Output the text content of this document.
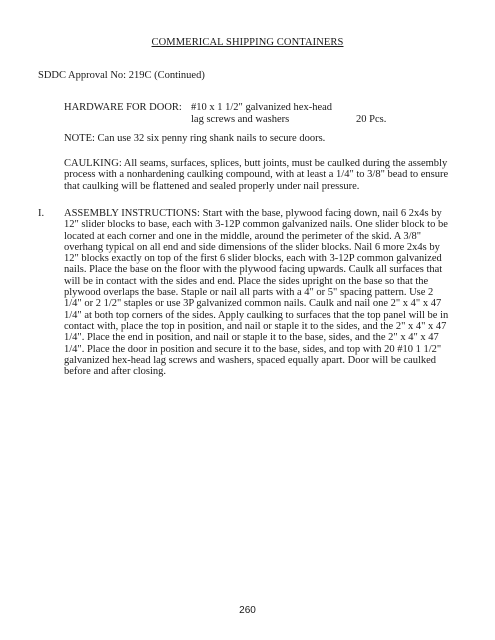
COMMERICAL SHIPPING CONTAINERS
SDDC Approval No: 219C (Continued)
HARDWARE FOR DOOR: #10 x 1 1/2" galvanized hex-head
lag screws and washers	20 Pcs.
NOTE: Can use 32 six penny ring shank nails to secure doors.
CAULKING: All seams, surfaces, splices, butt joints, must be caulked during the assembly
process with a nonhardening caulking compound, with at least a 1/4" to 3/8" bead to ensure
that caulking will be flattened and sealed properly under nail pressure.
I. ASSEMBLY INSTRUCTIONS: Start with the base, plywood facing down, nail 6 2x4s by
12" slider blocks to base, each with 3-12P common galvanized nails. One slider block to be
located at each corner and one in the middle, around the perimeter of the skid. A 3/8"
overhang typical on all end and side dimensions of the slider blocks. Nail 6 more 2x4s by
12" blocks exactly on top of the first 6 slider blocks, each with 3-12P common galvanized
nails. Place the base on the floor with the plywood facing upwards. Caulk all surfaces that
will be in contact with the sides and end. Place the sides upright on the base so that the
plywood overlaps the base. Staple or nail all parts with a 4" or 5" spacing pattern. Use 2
1/4" or 2 1/2" staples or use 3P galvanized common nails. Caulk and nail one 2" x 4" x 47
1/4" at both top corners of the sides. Apply caulking to surfaces that the top panel will be in
contact with, place the top in position, and nail or staple it to the sides, and the 2" x 4" x 47
1/4". Place the end in position, and nail or staple it to the base, sides, and the 2" x 4" x 47
1/4". Place the door in position and secure it to the base, sides, and top with 20 #10 1 1/2"
galvanized hex-head lag screws and washers, spaced equally apart. Door will be caulked
before and after closing.
260
